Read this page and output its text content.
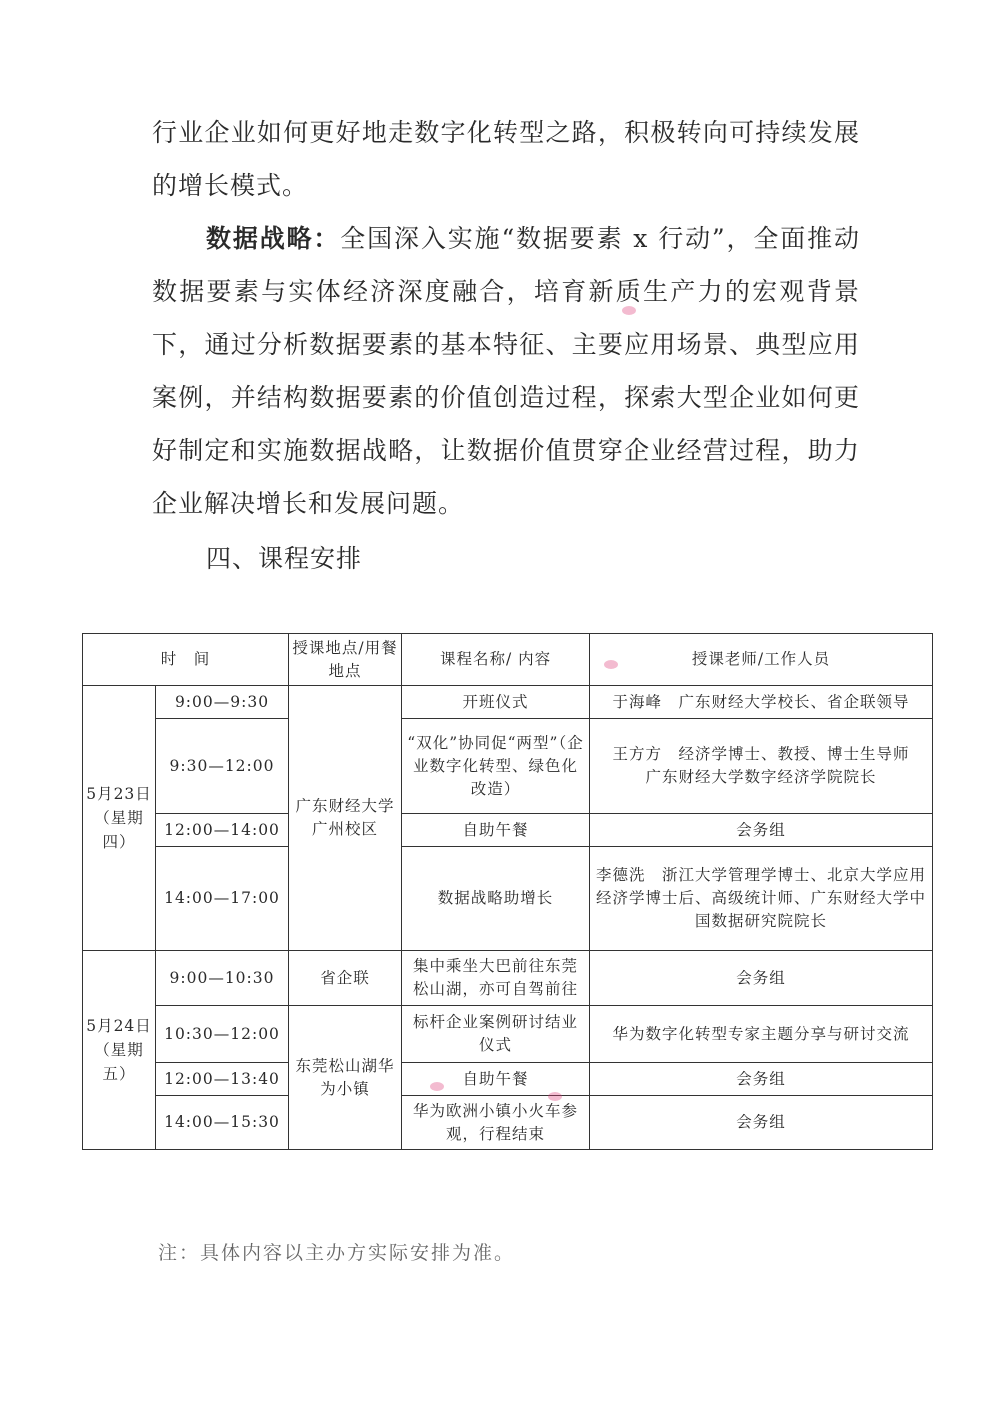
行业企业如何更好地走数字化转型之路，积极转向可持续发展的增长模式。

数据战略：全国深入实施“数据要素 x 行动”，全面推动数据要素与实体经济深度融合，培育新质生产力的宏观背景下，通过分析数据要素的基本特征、主要应用场景、典型应用案例，并结构数据要素的价值创造过程，探索大型企业如何更好制定和实施数据战略，让数据价值贯穿企业经营过程，助力企业解决增长和发展问题。

四、课程安排
时　间		授课地点/用餐地点	课程名称/ 内容	授课老师/工作人员
5月23日（星期四）	9:00—9:30	广东财经大学广州校区	开班仪式	于海峰　广东财经大学校长、省企联领导
	9:30—12:00		“双化”协同促“两型”（企业数字化转型、绿色化改造）	王方方　经济学博士、教授、博士生导师
广东财经大学数字经济学院院长

	12:00—14:00		自助午餐	会务组
	14:00—17:00		数据战略助增长	李德洗　浙江大学管理学博士、北京大学应用经济学博士后、高级统计师、广东财经大学中国数据研究院院长
5月24日（星期五）	9:00—10:30	省企联	集中乘坐大巴前往东莞松山湖，亦可自驾前往	会务组
	10:30—12:00	东莞松山湖华为小镇	标杆企业案例研讨结业仪式	华为数字化转型专家主题分享与研讨交流
	12:00—13:40		自助午餐	会务组
	14:00—15:30		华为欧洲小镇小火车参观，行程结束	会务组

注：具体内容以主办方实际安排为准。
